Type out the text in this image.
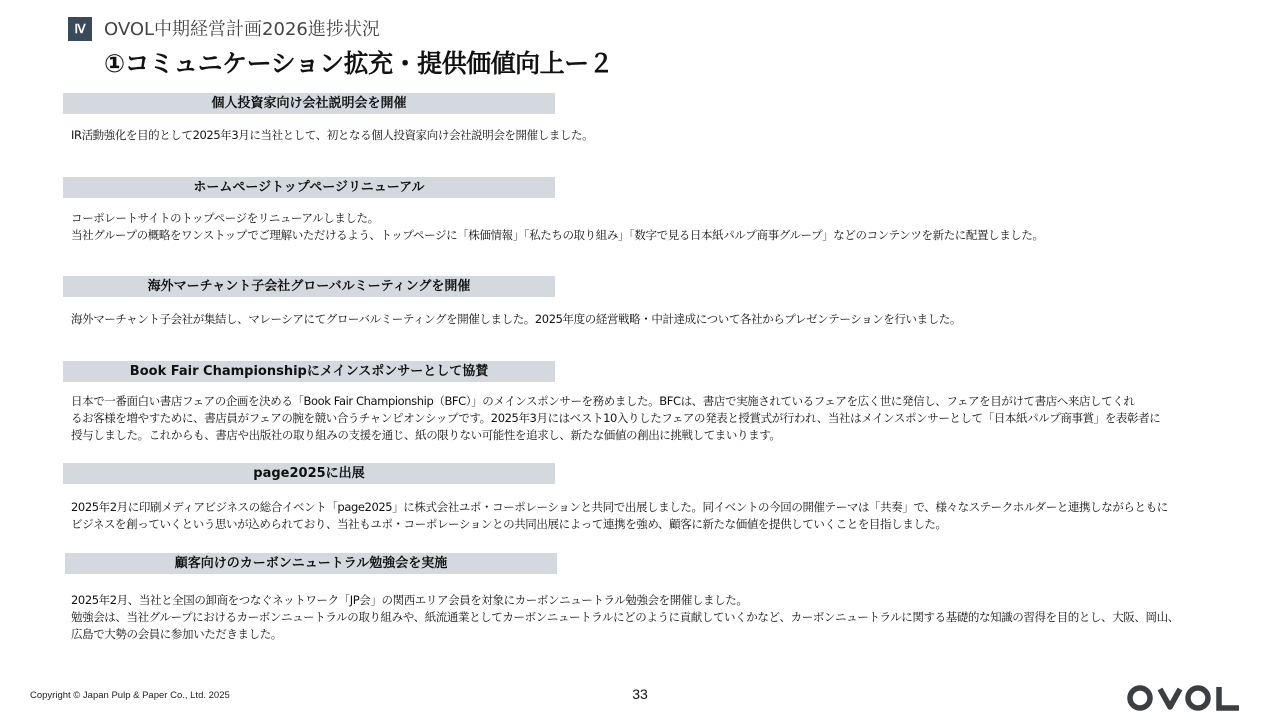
Ⅳ	OVOL中期経営計画2026進捗状況
①コミュニケーション拡充・提供価値向上ー２
個人投資家向け会社説明会を開催

IR活動強化を目的として2025年3月に当社として、初となる個人投資家向け会社説明会を開催しました。

ホームページトップページリニューアル

コーポレートサイトのトップページをリニューアルしました。

当社グループの概略をワンストップでご理解いただけるよう、トップページに「株価情報」「私たちの取り組み」「数字で見る日本紙パルプ商事グループ」などのコンテンツを新たに配置しました。

海外マーチャント子会社グローバルミーティングを開催

海外マーチャント子会社が集結し、マレーシアにてグローバルミーティングを開催しました。2025年度の経営戦略・中計達成について各社からプレゼンテーションを行いました。

Book Fair Championshipにメインスポンサーとして協賛

日本で一番面白い書店フェアの企画を決める「Book Fair Championship（BFC）」のメインスポンサーを務めました。BFCは、書店で実施されているフェアを広く世に発信し、フェアを目がけて書店へ来店してくれ

るお客様を増やすために、書店員がフェアの腕を競い合うチャンピオンシップです。2025年3月にはベスト10入りしたフェアの発表と授賞式が行われ、当社はメインスポンサーとして「日本紙パルプ商事賞」を表彰者に

授与しました。これからも、書店や出版社の取り組みの支援を通じ、紙の限りない可能性を追求し、新たな価値の創出に挑戦してまいります。

page2025に出展

2025年2月に印刷メディアビジネスの総合イベント「page2025」に株式会社ユポ・コーポレーションと共同で出展しました。同イベントの今回の開催テーマは「共奏」で、様々なステークホルダーと連携しながらともに

ビジネスを創っていくという思いが込められており、当社もユポ・コーポレーションとの共同出展によって連携を強め、顧客に新たな価値を提供していくことを目指しました。

顧客向けのカーボンニュートラル勉強会を実施

2025年2月、当社と全国の卸商をつなぐネットワーク「JP会」の関西エリア会員を対象にカーボンニュートラル勉強会を開催しました。

勉強会は、当社グループにおけるカーボンニュートラルの取り組みや、紙流通業としてカーボンニュートラルにどのように貢献していくかなど、カーボンニュートラルに関する基礎的な知識の習得を目的とし、大阪、岡山、

広島で大勢の会員に参加いただきました。

Copyright © Japan Pulp & Paper Co., Ltd. 2025	33
